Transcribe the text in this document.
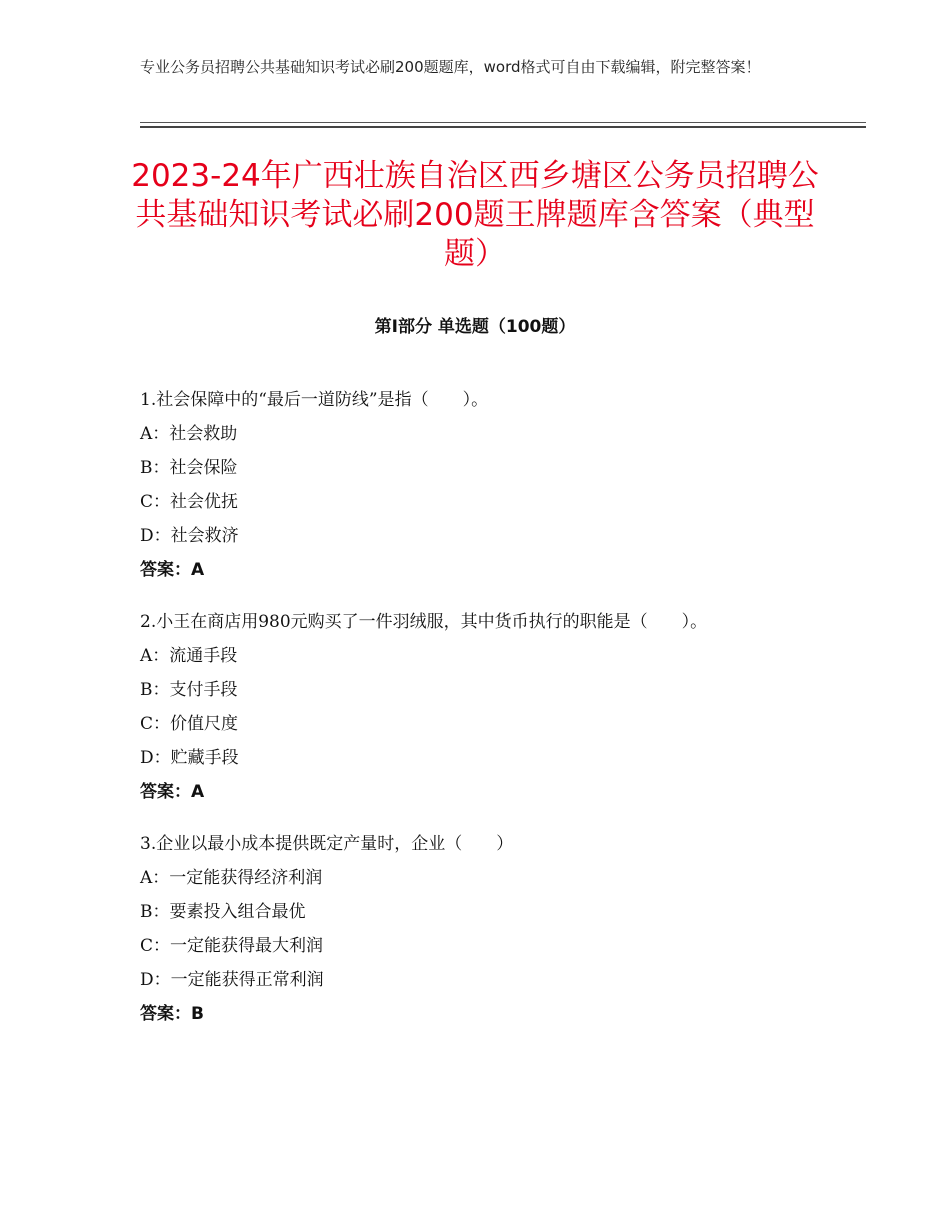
专业公务员招聘公共基础知识考试必刷200题题库，word格式可自由下载编辑，附完整答案！
2023-24年广西壮族自治区西乡塘区公务员招聘公共基础知识考试必刷200题王牌题库含答案（典型题）
第Ⅰ部分 单选题（100题）
1.社会保障中的“最后一道防线”是指（　　）。
A：社会救助
B：社会保险
C：社会优抚
D：社会救济
答案：A
2.小王在商店用980元购买了一件羽绒服，其中货币执行的职能是（　　）。
A：流通手段
B：支付手段
C：价值尺度
D：贮藏手段
答案：A
3.企业以最小成本提供既定产量时，企业（　　）
A：一定能获得经济利润
B：要素投入组合最优
C：一定能获得最大利润
D：一定能获得正常利润
答案：B
